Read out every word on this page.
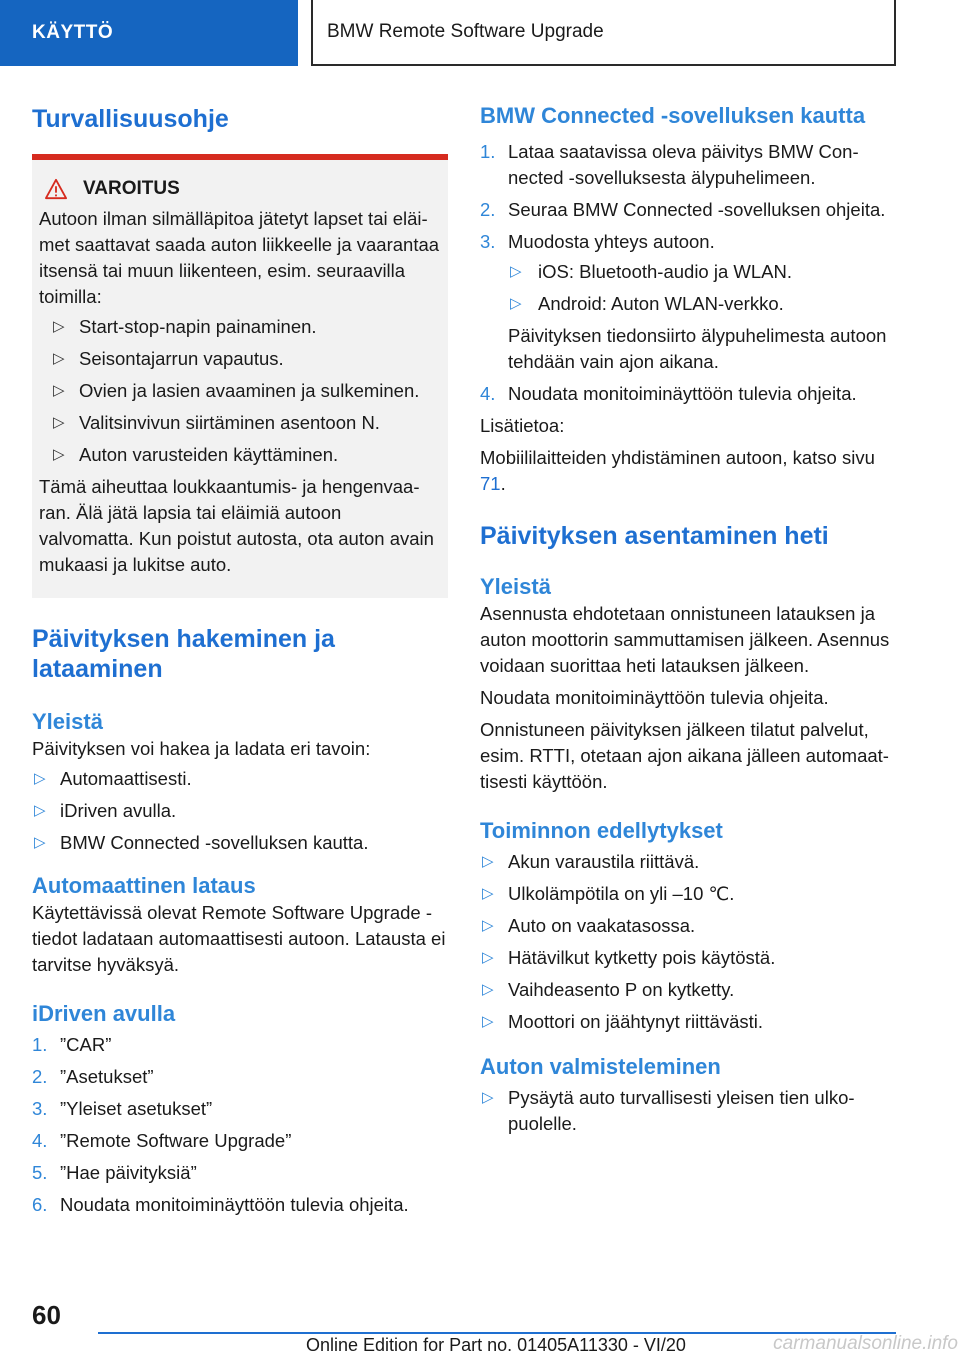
KÄYTTÖ	BMW Remote Software Upgrade
Turvallisuusohje
VAROITUS

Autoon ilman silmälläpitoa jätetyt lapset tai eläimet saattavat saada auton liikkeelle ja vaarantaa itsensä tai muun liikenteen, esim. seuraavilla toimilla:

▷ Start-stop-napin painaminen.
▷ Seisontajarrun vapautus.
▷ Ovien ja lasien avaaminen ja sulkeminen.
▷ Valitsinvivun siirtäminen asentoon N.
▷ Auton varusteiden käyttäminen.

Tämä aiheuttaa loukkaantumis- ja hengenvaaran. Älä jätä lapsia tai eläimiä autoon valvomatta. Kun poistut autosta, ota auton avain mukaasi ja lukitse auto.

Päivityksen hakeminen ja lataaminen
Yleistä

Päivityksen voi hakea ja ladata eri tavoin:

▷ Automaattisesti.
▷ iDriven avulla.
▷ BMW Connected -sovelluksen kautta.
Automaattinen lataus

Käytettävissä olevat Remote Software Upgrade -tiedot ladataan automaattisesti autoon. Latausta ei tarvitse hyväksyä.

iDriven avulla
1. ”CAR”
2. ”Asetukset”
3. ”Yleiset asetukset”
4. ”Remote Software Upgrade”
5. ”Hae päivityksiä”
6. Noudata monitoiminäyttöön tulevia ohjeita.
BMW Connected -sovelluksen kautta
1. Lataa saatavissa oleva päivitys BMW Connected -sovelluksesta älypuhelimeen.
2. Seuraa BMW Connected -sovelluksen ohjeita.
3. Muodosta yhteys autoon.
▷ iOS: Bluetooth-audio ja WLAN.
▷ Android: Auton WLAN-verkko.
Päivityksen tiedonsiirto älypuhelimesta autoon tehdään vain ajon aikana.
4. Noudata monitoiminäyttöön tulevia ohjeita.

Lisätietoa:

Mobiililaitteiden yhdistäminen autoon, katso sivu 71.

Päivityksen asentaminen heti
Yleistä

Asennusta ehdotetaan onnistuneen latauksen ja auton moottorin sammuttamisen jälkeen. Asennus voidaan suorittaa heti latauksen jälkeen.

Noudata monitoiminäyttöön tulevia ohjeita.

Onnistuneen päivityksen jälkeen tilatut palvelut, esim. RTTI, otetaan ajon aikana jälleen automaattisesti käyttöön.

Toiminnon edellytykset
▷ Akun varaustila riittävä.
▷ Ulkolämpötila on yli –10 ℃.
▷ Auto on vaakatasossa.
▷ Hätävilkut kytketty pois käytöstä.
▷ Vaihdeasento P on kytketty.
▷ Moottori on jäähtynyt riittävästi.
Auton valmisteleminen
▷ Pysäytä auto turvallisesti yleisen tien ulkopuolelle.
60
Online Edition for Part no. 01405A11330 - VI/20	carmanualsonline.info
